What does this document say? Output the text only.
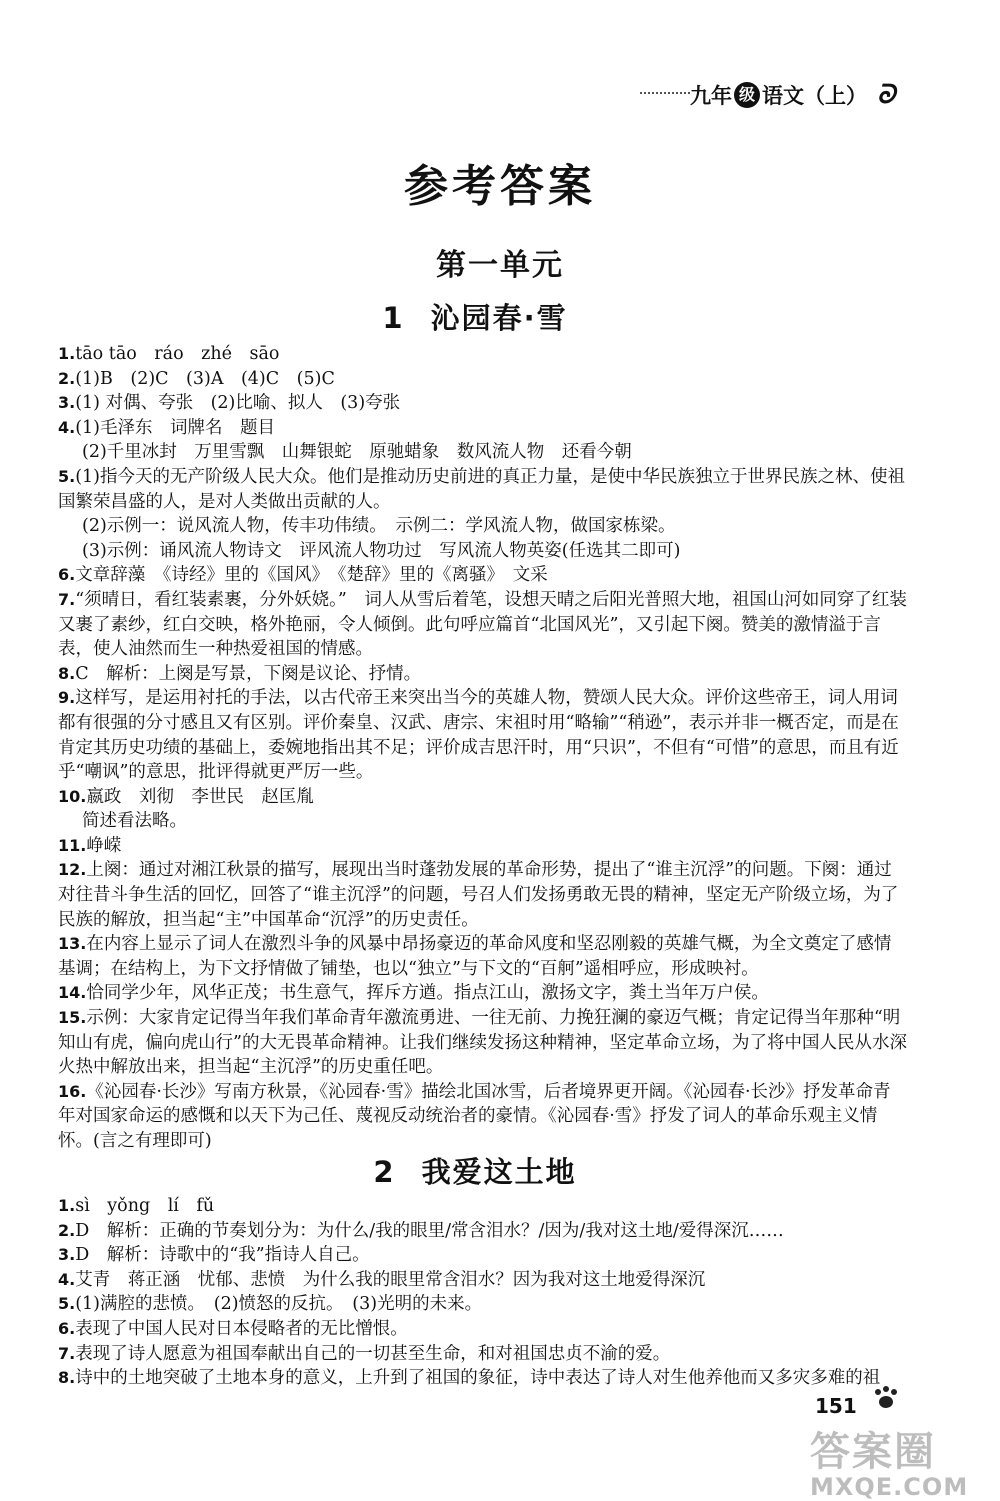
九年 级 语文（上） ᘐ
参考答案
第一单元
1 沁园春·雪
1.tāo tāo　ráo　zhé　sāo
2.(1)B　(2)C　(3)A　(4)C　(5)C
3.(1) 对偶、夸张　(2)比喻、拟人　(3)夸张
4.(1)毛泽东　词牌名　题目
(2)千里冰封　万里雪飘　山舞银蛇　原驰蜡象　数风流人物　还看今朝
5.(1)指今天的无产阶级人民大众。他们是推动历史前进的真正力量，是使中华民族独立于世界民族之林、使祖国繁荣昌盛的人，是对人类做出贡献的人。
(2)示例一：说风流人物，传丰功伟绩。　示例二：学风流人物，做国家栋梁。
(3)示例：诵风流人物诗文　评风流人物功过　写风流人物英姿(任选其二即可)
6.文章辞藻　《诗经》里的《国风》　《楚辞》里的《离骚》　文采
7.“须晴日，看红装素裹，分外妖娆。”　词人从雪后着笔，设想天晴之后阳光普照大地，祖国山河如同穿了红装又裹了素纱，红白交映，格外艳丽，令人倾倒。此句呼应篇首“北国风光”，又引起下阕。赞美的激情溢于言表，使人油然而生一种热爱祖国的情感。
8.C　解析：上阕是写景，下阕是议论、抒情。
9.这样写，是运用衬托的手法，以古代帝王来突出当今的英雄人物，赞颂人民大众。评价这些帝王，词人用词都有很强的分寸感且又有区别。评价秦皇、汉武、唐宗、宋祖时用“略输”“稍逊”，表示并非一概否定，而是在肯定其历史功绩的基础上，委婉地指出其不足；评价成吉思汗时，用“只识”，不但有“可惜”的意思，而且有近乎“嘲讽”的意思，批评得就更严厉一些。
10.嬴政　刘彻　李世民　赵匡胤
简述看法略。
11.峥嵘
12.上阕：通过对湘江秋景的描写，展现出当时蓬勃发展的革命形势，提出了“谁主沉浮”的问题。下阕：通过对往昔斗争生活的回忆，回答了“谁主沉浮”的问题，号召人们发扬勇敢无畏的精神，坚定无产阶级立场，为了民族的解放，担当起“主”中国革命“沉浮”的历史责任。
13.在内容上显示了词人在激烈斗争的风暴中昂扬豪迈的革命风度和坚忍刚毅的英雄气概，为全文奠定了感情基调；在结构上，为下文抒情做了铺垫，也以“独立”与下文的“百舸”遥相呼应，形成映衬。
14.恰同学少年，风华正茂；书生意气，挥斥方遒。指点江山，激扬文字，粪土当年万户侯。
15.示例：大家肯定记得当年我们革命青年激流勇进、一往无前、力挽狂澜的豪迈气概；肯定记得当年那种“明知山有虎，偏向虎山行”的大无畏革命精神。让我们继续发扬这种精神，坚定革命立场，为了将中国人民从水深火热中解放出来，担当起“主沉浮”的历史重任吧。
16.《沁园春·长沙》写南方秋景，《沁园春·雪》描绘北国冰雪，后者境界更开阔。《沁园春·长沙》抒发革命青年对国家命运的感慨和以天下为己任、蔑视反动统治者的豪情。《沁园春·雪》抒发了词人的革命乐观主义情怀。(言之有理即可)
2 我爱这土地
1.sì　yǒng　lí　fǔ
2.D　解析：正确的节奏划分为：为什么/我的眼里/常含泪水？/因为/我对这土地/爱得深沉……
3.D　解析：诗歌中的“我”指诗人自己。
4.艾青　蒋正涵　忧郁、悲愤　为什么我的眼里常含泪水？因为我对这土地爱得深沉
5.(1)满腔的悲愤。　(2)愤怒的反抗。　(3)光明的未来。
6.表现了中国人民对日本侵略者的无比憎恨。
7.表现了诗人愿意为祖国奉献出自己的一切甚至生命，和对祖国忠贞不渝的爱。
8.诗中的土地突破了土地本身的意义，上升到了祖国的象征，诗中表达了诗人对生他养他而又多灾多难的祖
151
答案圈
MXQE.COM
